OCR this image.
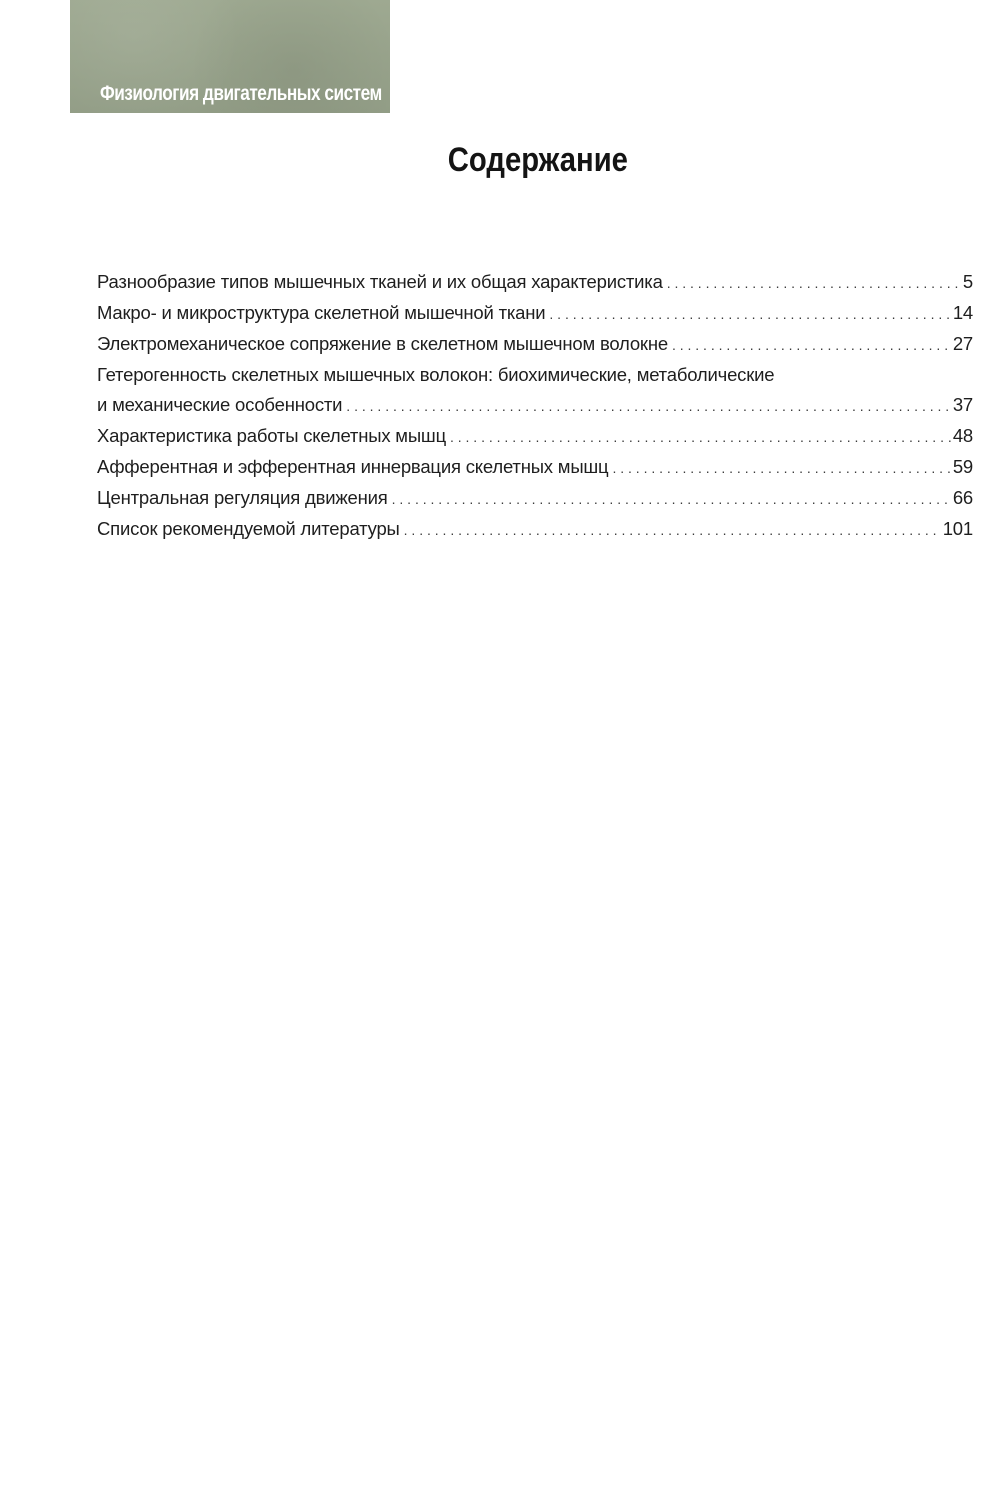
Физиология двигательных систем
Содержание
Разнообразие типов мышечных тканей и их общая характеристика . . .	5
Макро- и микроструктура скелетной мышечной ткани . . .	14
Электромеханическое сопряжение в скелетном мышечном волокне . . .	27
Гетерогенность скелетных мышечных волокон: биохимические, метаболические
и механические особенности . . .	37
Характеристика работы скелетных мышц . . .	48
Афферентная и эфферентная иннервация скелетных мышц . . .	59
Центральная регуляция движения . . .	66
Список рекомендуемой литературы . . .	101
